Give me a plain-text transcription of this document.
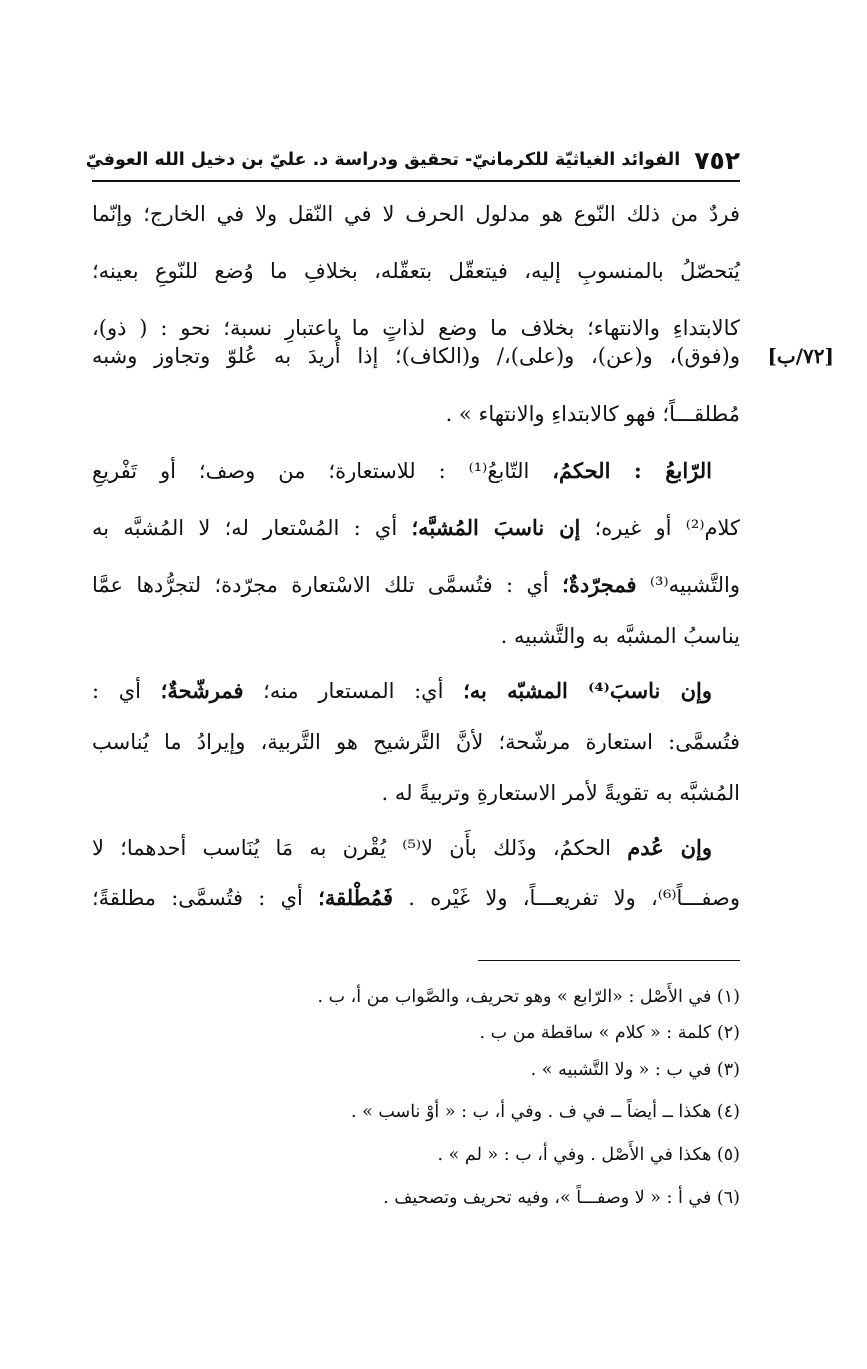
٧٥٢
الفوائد الغياثيّة للكرمانيّ- تحقيق ودراسة د. عليّ بن دخيل الله العوفيّ
[٧٢/ب]
فردٌ من ذلك النّوع هو مدلول الحرف لا في النّقل ولا في الخارج؛ وإنّما
يُتحصّلُ بالمنسوبِ إليه، فيتعقّل بتعقّله، بخلافِ ما وُضع للنّوعِ بعينه؛
كالابتداءِ والانتهاء؛ بخلاف ما وضع لذاتٍ ما باعتبارِ نسبة؛ نحو : ( ذو)،
و(فوق)، و(عن)، و(على)،/ و(الكاف)؛ إذا أُريدَ به عُلوّ وتجاوز وشبه
مُطلقـــاً؛ فهو كالابتداءِ والانتهاء » .
الرّابعُ : الحكمُ، التّابعُ⁽¹⁾ : للاستعارة؛ من وصف؛ أو تَفْريعِ
كلام⁽²⁾ أو غيره؛ إن ناسبَ المُشبَّه؛ أي : المُسْتعار له؛ لا المُشبَّه به
والتَّشبيه⁽³⁾ فمجرّدةٌ؛ أي : فتُسمَّى تلك الاسْتعارة مجرّدة؛ لتجرُّدها عمَّا
يناسبُ المشبَّه به والتَّشبيه .
وإن ناسبَ⁽⁴⁾ المشبّه به؛ أي: المستعار منه؛ فمرشّحةٌ؛ أي :
فتُسمَّى: استعارة مرشّحة؛ لأنَّ التَّرشيح هو التَّربية، وإيرادُ ما يُناسب
المُشبَّه به تقويةً لأمر الاستعارةِ وتربيةً له .
وإن عُدم الحكمُ، وذَلك بأَن لا⁽⁵⁾ يُقْرن به مَا يُنَاسب أحدهما؛ لا
وصفـــاً⁽⁶⁾، ولا تفريعـــاً، ولا غَيْره . فَمُطْلقة؛ أي : فتُسمَّى: مطلقةً؛
(١) في الأَصْل : «الرّابع » وهو تحريف، والصَّواب من أ، ب .
(٢) كلمة : « كلام » ساقطة من ب .
(٣) في ب : « ولا التَّشبيه » .
(٤) هكذا ــ أيضاً ــ في ف . وفي أ، ب : « أوْ ناسب » .
(٥) هكذا في الأَصْل . وفي أ، ب : « لم » .
(٦) في أ : « لا وصفـــاً »، وفيه تحريف وتصحيف .
